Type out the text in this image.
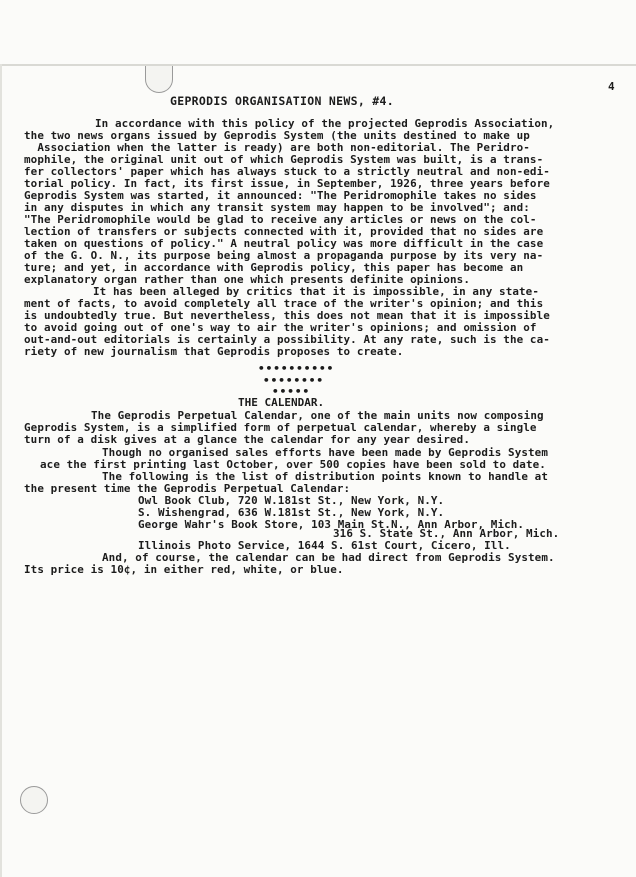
4
GEPRODIS ORGANISATION NEWS, #4.
In accordance with this policy of the projected Geprodis Association,
the two news organs issued by Geprodis System (the units destined to make up
Association when the latter is ready) are both non-editorial. The Peridro-
mophile, the original unit out of which Geprodis System was built, is a trans-
fer collectors' paper which has always stuck to a strictly neutral and non-edi-
torial policy. In fact, its first issue, in September, 1926, three years before
Geprodis System was started, it announced: "The Peridromophile takes no sides
in any disputes in which any transit system may happen to be involved"; and:
"The Peridromophile would be glad to receive any articles or news on the col-
lection of transfers or subjects connected with it, provided that no sides are
taken on questions of policy." A neutral policy was more difficult in the case
of the G. O. N., its purpose being almost a propaganda purpose by its very na-
ture; and yet, in accordance with Geprodis policy, this paper has become an
explanatory organ rather than one which presents definite opinions.
It has been alleged by critics that it is impossible, in any state-
ment of facts, to avoid completely all trace of the writer's opinion; and this
is undoubtedly true. But nevertheless, this does not mean that it is impossible
to avoid going out of one's way to air the writer's opinions; and omission of
out-and-out editorials is certainly a possibility. At any rate, such is the ca-
riety of new journalism that Geprodis proposes to create.
••••••••••
••••••••
•••••
THE CALENDAR.
The Geprodis Perpetual Calendar, one of the main units now composing
Geprodis System, is a simplified form of perpetual calendar, whereby a single
turn of a disk gives at a glance the calendar for any year desired.
Though no organised sales efforts have been made by Geprodis System
ace the first printing last October, over 500 copies have been sold to date.
The following is the list of distribution points known to handle at
the present time the Geprodis Perpetual Calendar:
Owl Book Club, 720 W.181st St., New York, N.Y.
S. Wishengrad, 636 W.181st St., New York, N.Y.
George Wahr's Book Store, 103 Main St.N., Ann Arbor, Mich.
316 S. State St., Ann Arbor, Mich.
Illinois Photo Service, 1644 S. 61st Court, Cicero, Ill.
And, of course, the calendar can be had direct from Geprodis System.
Its price is 10¢, in either red, white, or blue.
